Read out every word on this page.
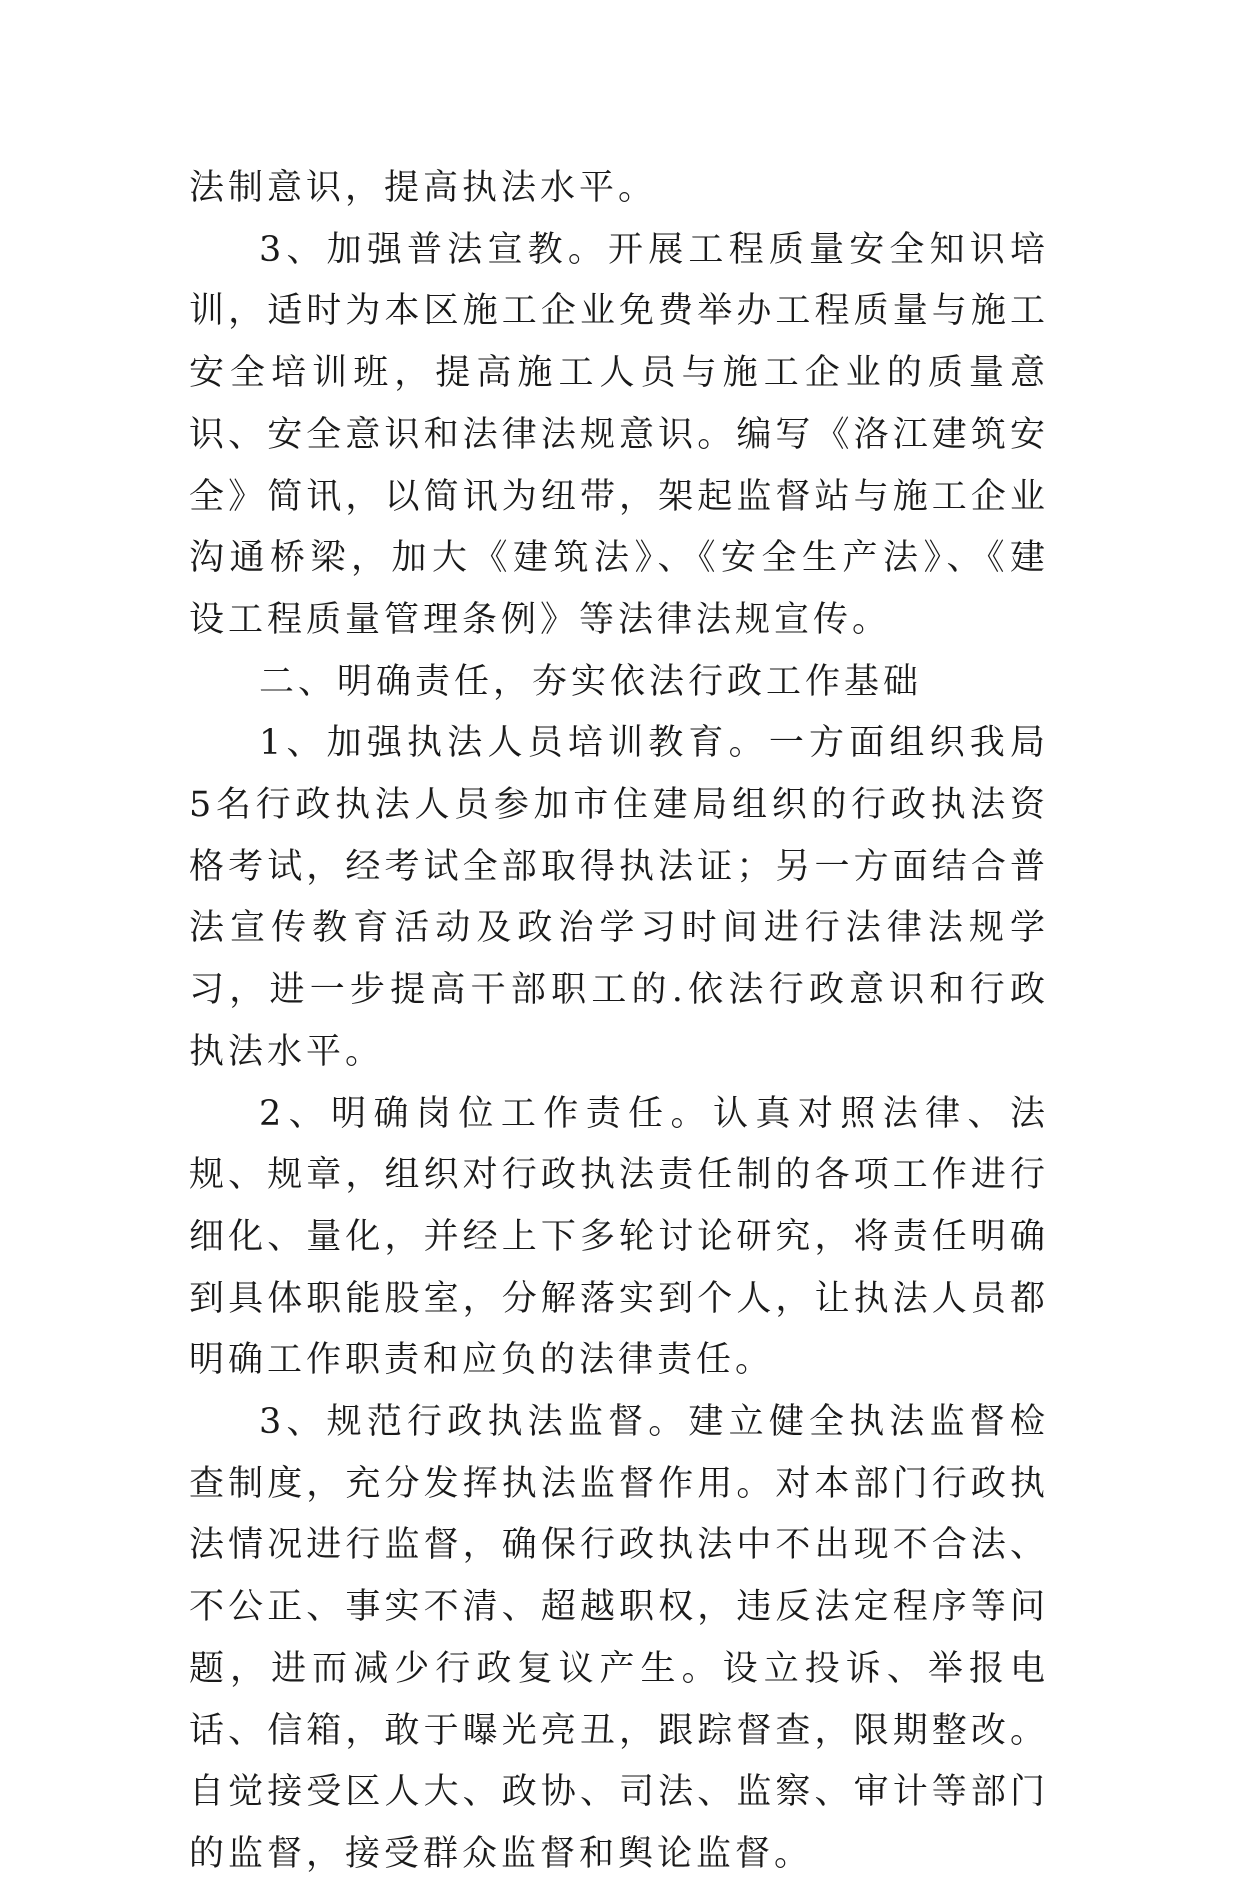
法制意识，提高执法水平。

3、加强普法宣教。开展工程质量安全知识培训，适时为本区施工企业免费举办工程质量与施工安全培训班，提高施工人员与施工企业的质量意识、安全意识和法律法规意识。编写《洛江建筑安全》简讯，以简讯为纽带，架起监督站与施工企业沟通桥梁，加大《建筑法》、《安全生产法》、《建设工程质量管理条例》等法律法规宣传。

二、明确责任，夯实依法行政工作基础

1、加强执法人员培训教育。一方面组织我局5名行政执法人员参加市住建局组织的行政执法资格考试，经考试全部取得执法证；另一方面结合普法宣传教育活动及政治学习时间进行法律法规学习，进一步提高干部职工的.依法行政意识和行政执法水平。

2、明确岗位工作责任。认真对照法律、法规、规章，组织对行政执法责任制的各项工作进行细化、量化，并经上下多轮讨论研究，将责任明确到具体职能股室，分解落实到个人，让执法人员都明确工作职责和应负的法律责任。

3、规范行政执法监督。建立健全执法监督检查制度，充分发挥执法监督作用。对本部门行政执法情况进行监督，确保行政执法中不出现不合法、不公正、事实不清、超越职权，违反法定程序等问题，进而减少行政复议产生。设立投诉、举报电话、信箱，敢于曝光亮丑，跟踪督查，限期整改。自觉接受区人大、政协、司法、监察、审计等部门的监督，接受群众监督和舆论监督。
